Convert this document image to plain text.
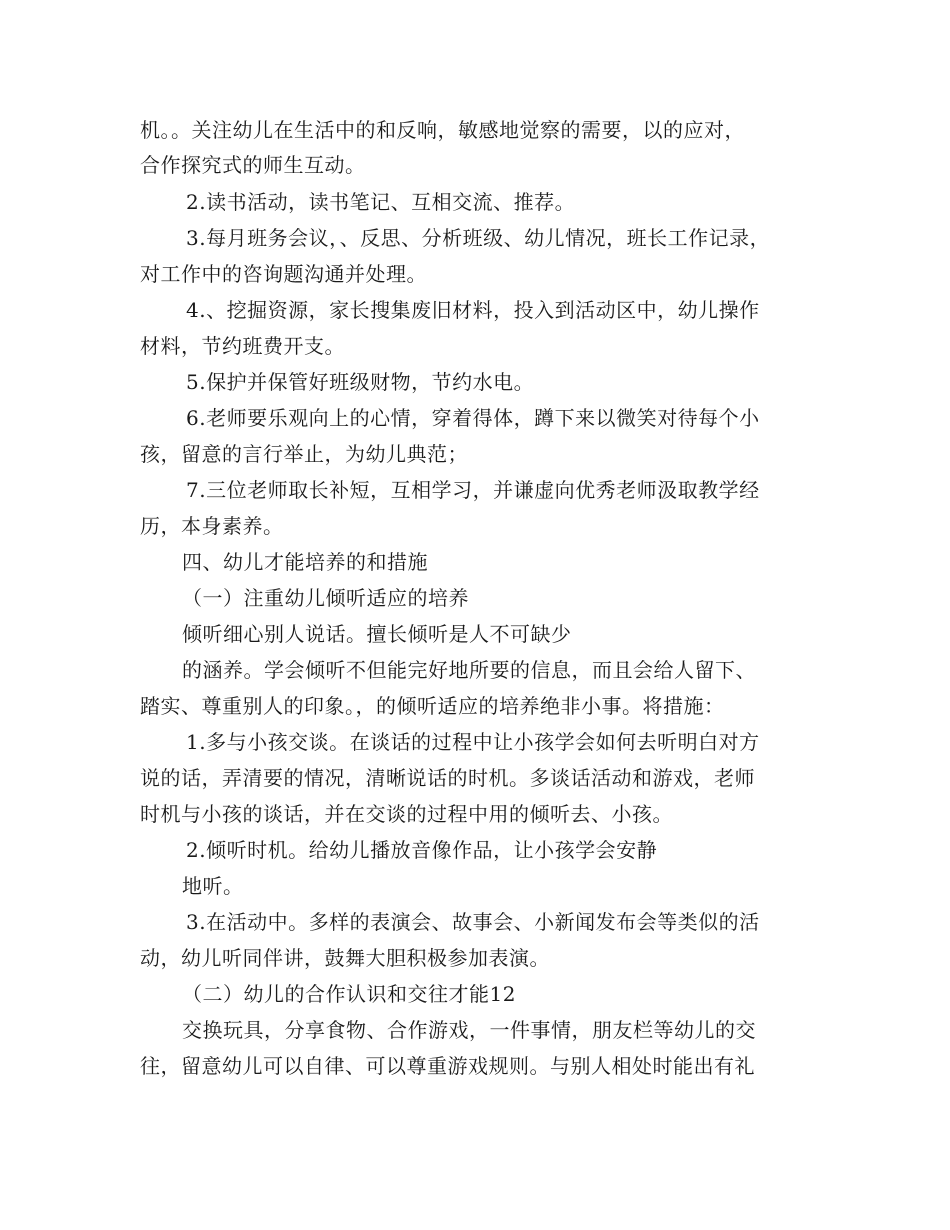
机。。关注幼儿在生活中的和反响，敏感地觉察的需要，以的应对，
合作探究式的师生互动。
2.读书活动，读书笔记、互相交流、推荐。
3.每月班务会议，、反思、分析班级、幼儿情况，班长工作记录，
对工作中的咨询题沟通并处理。
4.、挖掘资源，家长搜集废旧材料，投入到活动区中，幼儿操作
材料，节约班费开支。
5.保护并保管好班级财物，节约水电。
6.老师要乐观向上的心情，穿着得体，蹲下来以微笑对待每个小
孩，留意的言行举止，为幼儿典范；
7.三位老师取长补短，互相学习，并谦虚向优秀老师汲取教学经
历，本身素养。
四、幼儿才能培养的和措施
（一）注重幼儿倾听适应的培养
倾听细心别人说话。擅长倾听是人不可缺少
的涵养。学会倾听不但能完好地所要的信息，而且会给人留下、
踏实、尊重别人的印象。，的倾听适应的培养绝非小事。将措施：
1.多与小孩交谈。在谈话的过程中让小孩学会如何去听明白对方
说的话，弄清要的情况，清晰说话的时机。多谈话活动和游戏，老师
时机与小孩的谈话，并在交谈的过程中用的倾听去、小孩。
2.倾听时机。给幼儿播放音像作品，让小孩学会安静
地听。
3.在活动中。多样的表演会、故事会、小新闻发布会等类似的活
动，幼儿听同伴讲，鼓舞大胆积极参加表演。
（二）幼儿的合作认识和交往才能12
交换玩具，分享食物、合作游戏，一件事情，朋友栏等幼儿的交
往，留意幼儿可以自律、可以尊重游戏规则。与别人相处时能出有礼
